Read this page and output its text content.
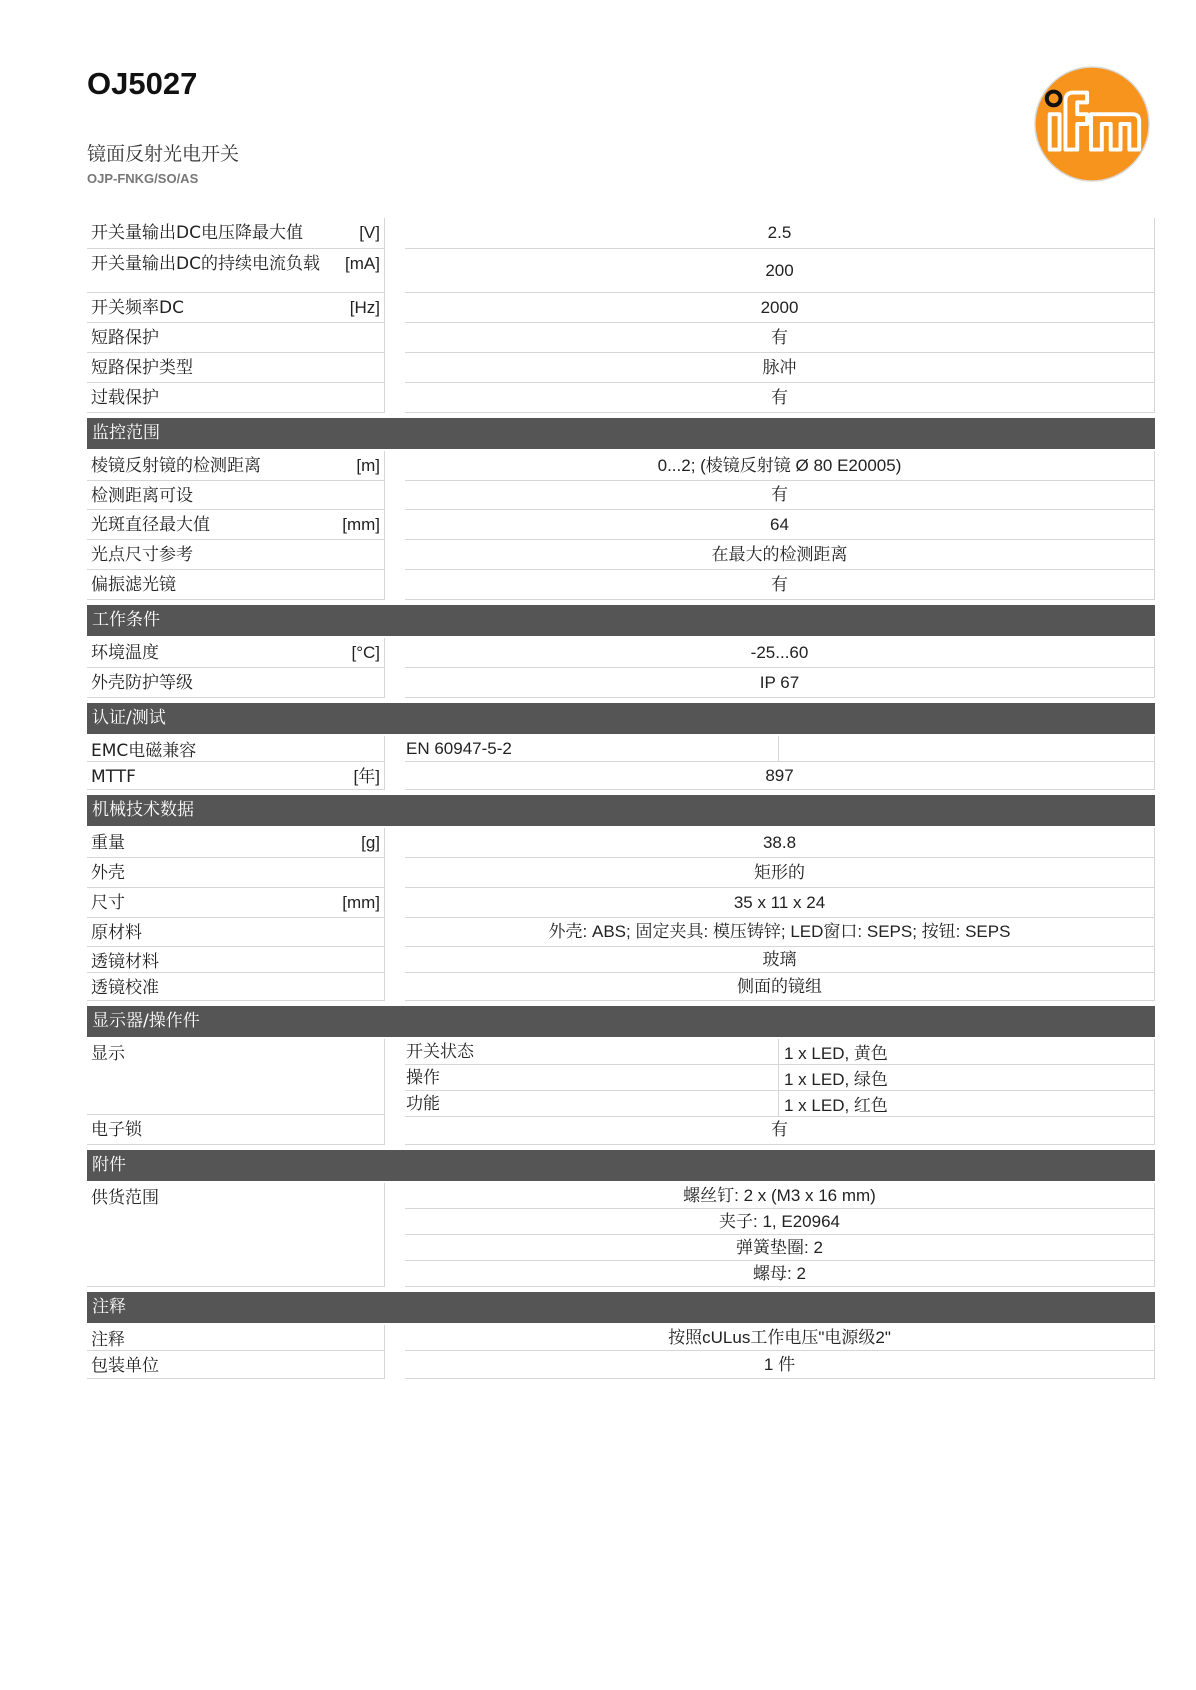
OJ5027
镜面反射光电开关
OJP-FNKG/SO/AS
开关量输出DC电压降最大值	[V]	2.5
开关量输出DC的持续电流负载	[mA]	200
开关频率DC	[Hz]	2000
短路保护	有
短路保护类型	脉冲
过载保护	有
监控范围
棱镜反射镜的检测距离	[m]	0...2; (棱镜反射镜 Ø 80 E20005)
检测距离可设	有
光斑直径最大值	[mm]	64
光点尺寸参考	在最大的检测距离
偏振滤光镜	有
工作条件
环境温度	[°C]	-25...60
外壳防护等级	IP 67
认证/测试
EMC电磁兼容	EN 60947-5-2
MTTF	[年]	897
机械技术数据
重量	[g]	38.8
外壳	矩形的
尺寸	[mm]	35 x 11 x 24
原材料	外壳: ABS; 固定夹具: 模压铸锌; LED窗口: SEPS; 按钮: SEPS
透镜材料	玻璃
透镜校准	侧面的镜组
显示器/操作件
显示	开关状态	1 x LED, 黄色
操作	1 x LED, 绿色
功能	1 x LED, 红色
电子锁	有
附件
供货范围	螺丝钉: 2 x (M3 x 16 mm)
夹子: 1, E20964
弹簧垫圈: 2
螺母: 2
注释
注释	按照cULus工作电压"电源级2"
包装单位	1 件
